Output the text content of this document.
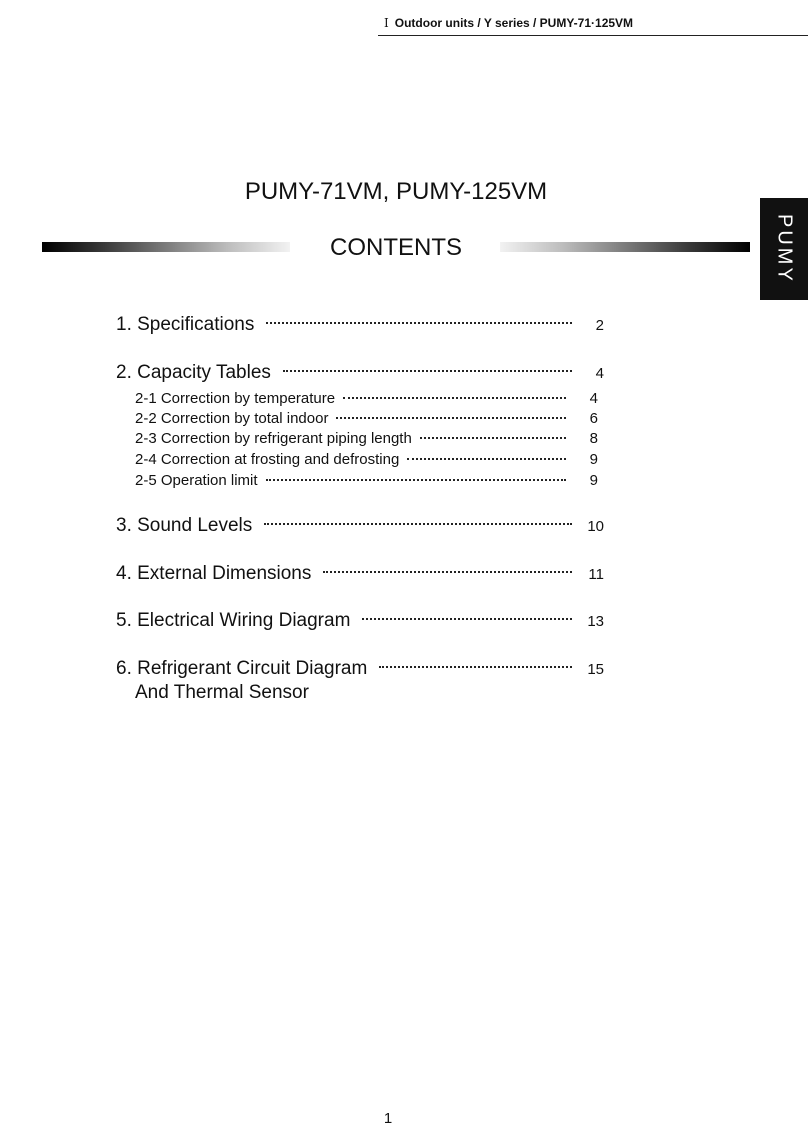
Ⅰ Outdoor units / Y series / PUMY-71·125VM
PUMY
PUMY-71VM, PUMY-125VM
CONTENTS
1. Specifications	2
2. Capacity Tables	4
2-1 Correction by temperature	4
2-2 Correction by total indoor	6
2-3 Correction by refrigerant piping length	8
2-4 Correction at frosting and defrosting	9
2-5 Operation limit	9
3. Sound Levels	10
4. External Dimensions	11
5. Electrical Wiring Diagram	13
6. Refrigerant Circuit Diagram	15
And Thermal Sensor
1
